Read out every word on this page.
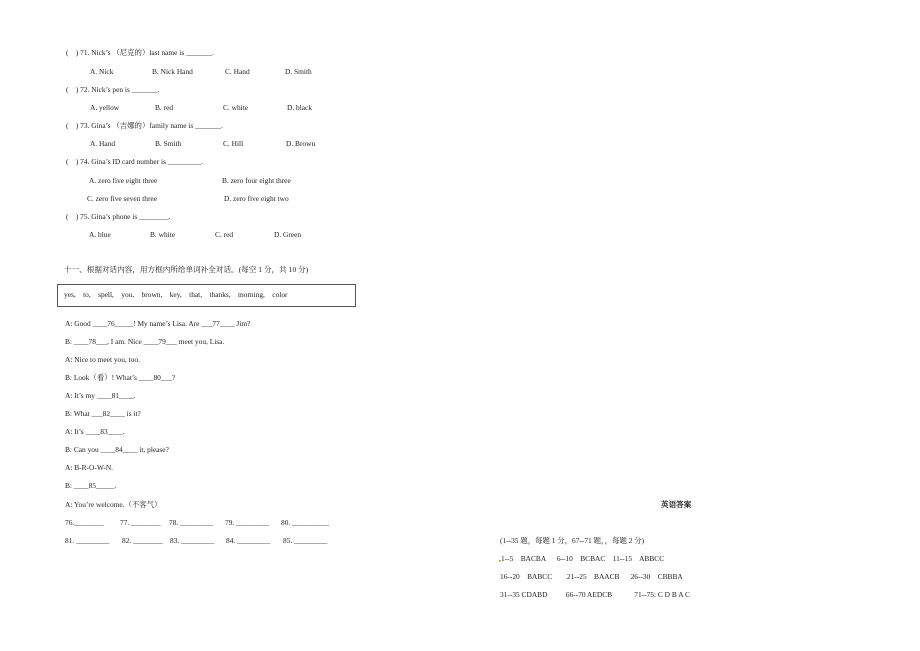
(    ) 71. Nick’s （尼克的）last name is _______.
A. Nick	B. Nick Hand	C. Hand	D. Smith
(    ) 72. Nick’s pen is _______.
A. yellow	B. red	C. white	D. black
(    ) 73. Gina’s （吉娜的）family name is _______.
A. Hand	B. Smith	C. Hill	D. Brown
(    ) 74. Gina’s ID card number is _________.
A. zero five eight three	B. zero four eight three
C. zero five seven three	D. zero five eight two
(    ) 75. Gina’s phone is ________.
A. blue	B. white	C. red	D. Green
十一、根据对话内容，用方框内所给单词补全对话。(每空 1 分，共 10 分)
yes,    to,    spell,    you,    brown,    key,    that,    thanks,    morning,    color
A: Good ____76_____! My name’s Lisa. Are ___77____ Jim?
B: ____78___, I am. Nice ____79___ meet you, Lisa.
A: Nice to meet you, too.
B: Look（看）! What’s ____80___?
A: It’s my ____81____.
B: What ___82____ is it?
A: It’s ____83____.
B: Can you ____84____ it, please?
A: B-R-O-W-N.
B: ____85_____.
A: You’re welcome.（不客气）
76.________ 77. ________ 78. _________ 79. _________ 80. __________
81. _________ 82. ________ 83. _________ 84. _________ 85. _________
英语答案
(1--35 题，每题 1 分，67--71 题，，每题 2 分)
1--5    BACBA      6--10    BCBAC    11--15    ABBCC
16--20    BABCC        21--25    BAACB      26--30    CBBBA
31--35 CDABD          66--70 AEDCB            71--75: C D B A C
